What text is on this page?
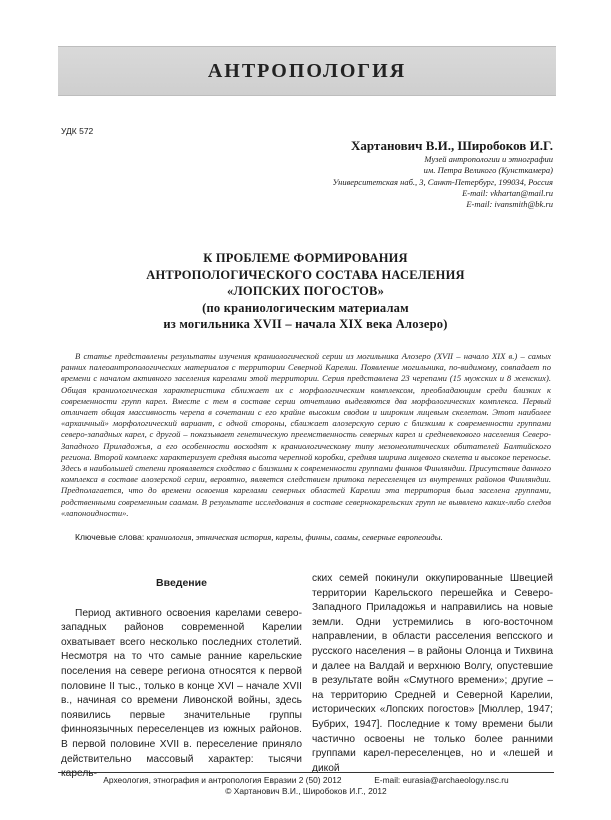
АНТРОПОЛОГИЯ
УДК 572
Хартанович В.И., Широбоков И.Г.
Музей антропологии и этнографии
им. Петра Великого (Кунсткамера)
Университетская наб., 3, Санкт-Петербург, 199034, Россия
E-mail: vkhartan@mail.ru
E-mail: ivansmith@bk.ru
К ПРОБЛЕМЕ ФОРМИРОВАНИЯ
АНТРОПОЛОГИЧЕСКОГО СОСТАВА НАСЕЛЕНИЯ
«ЛОПСКИХ ПОГОСТОВ»
(по краниологическим материалам
из могильника XVII – начала XIX века Алозеро)
В статье представлены результаты изучения краниологической серии из могильника Алозеро (XVII – начало XIX в.) – самых ранних палеоантропологических материалов с территории Северной Карелии. Появление могильника, по-видимому, совпадает по времени с началом активного заселения карелами этой территории. Серия представлена 23 черепами (15 мужских и 8 женских). Общая краниологическая характеристика сближает их с морфологическим комплексом, преобладающим среди близких к современности групп карел. Вместе с тем в составе серии отчетливо выделяются два морфологических комплекса. Первый отличает общая массивность черепа в сочетании с его крайне высоким сводом и широким лицевым скелетом. Этот наиболее «архаичный» морфологический вариант, с одной стороны, сближает алозерскую серию с близкими к современности группами северо-западных карел, с другой – показывает генетическую преемственность северных карел и средневекового населения Северо-Западного Приладожья, а его особенности восходят к краниологическому типу мезонеолитических обитателей Балтийского региона. Второй комплекс характеризует средняя высота черепной коробки, средняя ширина лицевого скелета и высокое переносье. Здесь в наибольшей степени проявляется сходство с близкими к современности группами финнов Финляндии. Присутствие данного комплекса в составе алозерской серии, вероятно, является следствием притока переселенцев из внутренних районов Финляндии. Предполагается, что до времени освоения карелами северных областей Карелии эта территория была заселена группами, родственными современным саамам. В результате исследования в составе севернокарельских групп не выявлено каких-либо следов «лапоноидности».
Ключевые слова: краниология, этническая история, карелы, финны, саамы, северные европеоиды.
Введение

Период активного освоения карелами северо-западных районов современной Карелии охватывает всего несколько последних столетий. Несмотря на то что самые ранние карельские поселения на севере региона относятся к первой половине II тыс., только в конце XVI – начале XVII в., начиная со времени Ливонской войны, здесь появились первые значительные группы финноязычных переселенцев из южных районов. В первой половине XVII в. переселение приняло действительно массовый характер: тысячи карель-

ских семей покинули оккупированные Швецией территории Карельского перешейка и Северо-Западного Приладожья и направились на новые земли. Одни устремились в юго-восточном направлении, в области расселения вепсского и русского населения – в районы Олонца и Тихвина и далее на Валдай и верхнюю Волгу, опустевшие в результате войн «Смутного времени»; другие – на территорию Средней и Северной Карелии, исторических «Лопских погостов» [Мюллер, 1947; Бубрих, 1947]. Последние к тому времени были частично освоены не только более ранними группами карел-переселенцев, но и «лешей и дикой

Археология, этнография и антропология Евразии 2 (50) 2012	E-mail: eurasia@archaeology.nsc.ru
© Хартанович В.И., Широбоков И.Г., 2012
